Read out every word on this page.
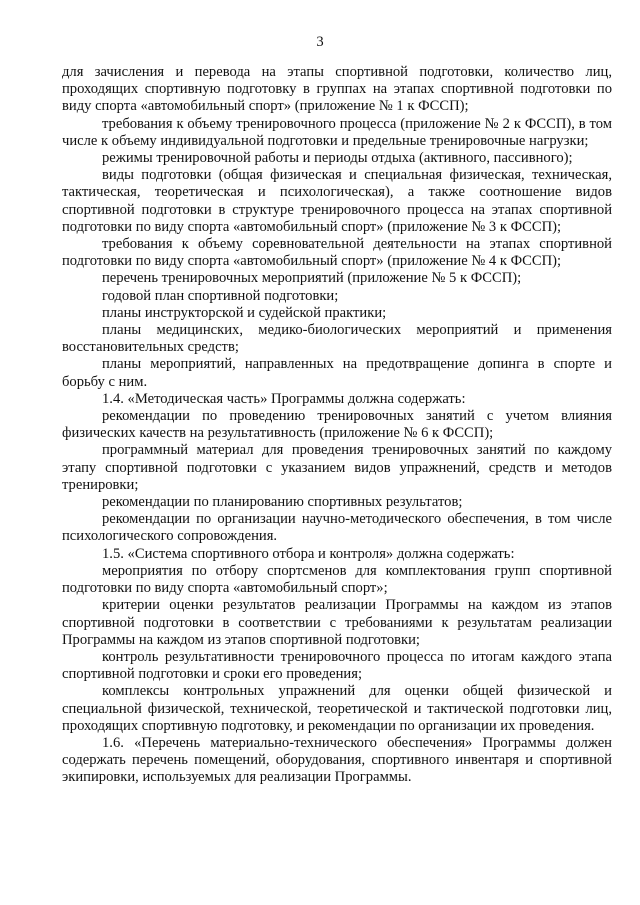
3

для зачисления и перевода на этапы спортивной подготовки, количество лиц, проходящих спортивную подготовку в группах на этапах спортивной подготовки по виду спорта «автомобильный спорт» (приложение № 1 к ФССП);

требования к объему тренировочного процесса (приложение № 2 к ФССП), в том числе к объему индивидуальной подготовки и предельные тренировочные нагрузки;

режимы тренировочной работы и периоды отдыха (активного, пассивного);

виды подготовки (общая физическая и специальная физическая, техническая, тактическая, теоретическая и психологическая), а также соотношение видов спортивной подготовки в структуре тренировочного процесса на этапах спортивной подготовки по виду спорта «автомобильный спорт» (приложение № 3 к ФССП);

требования к объему соревновательной деятельности на этапах спортивной подготовки по виду спорта «автомобильный спорт» (приложение № 4 к ФССП);

перечень тренировочных мероприятий (приложение № 5 к ФССП);

годовой план спортивной подготовки;

планы инструкторской и судейской практики;

планы медицинских, медико-биологических мероприятий и применения восстановительных средств;

планы мероприятий, направленных на предотвращение допинга в спорте и борьбу с ним.

1.4. «Методическая часть» Программы должна содержать:

рекомендации по проведению тренировочных занятий с учетом влияния физических качеств на результативность (приложение № 6 к ФССП);

программный материал для проведения тренировочных занятий по каждому этапу спортивной подготовки с указанием видов упражнений, средств и методов тренировки;

рекомендации по планированию спортивных результатов;

рекомендации по организации научно-методического обеспечения, в том числе психологического сопровождения.

1.5. «Система спортивного отбора и контроля» должна содержать:

мероприятия по отбору спортсменов для комплектования групп спортивной подготовки по виду спорта «автомобильный спорт»;

критерии оценки результатов реализации Программы на каждом из этапов спортивной подготовки в соответствии с требованиями к результатам реализации Программы на каждом из этапов спортивной подготовки;

контроль результативности тренировочного процесса по итогам каждого этапа спортивной подготовки и сроки его проведения;

комплексы контрольных упражнений для оценки общей физической и специальной физической, технической, теоретической и тактической подготовки лиц, проходящих спортивную подготовку, и рекомендации по организации их проведения.

1.6. «Перечень материально-технического обеспечения» Программы должен содержать перечень помещений, оборудования, спортивного инвентаря и спортивной экипировки, используемых для реализации Программы.
